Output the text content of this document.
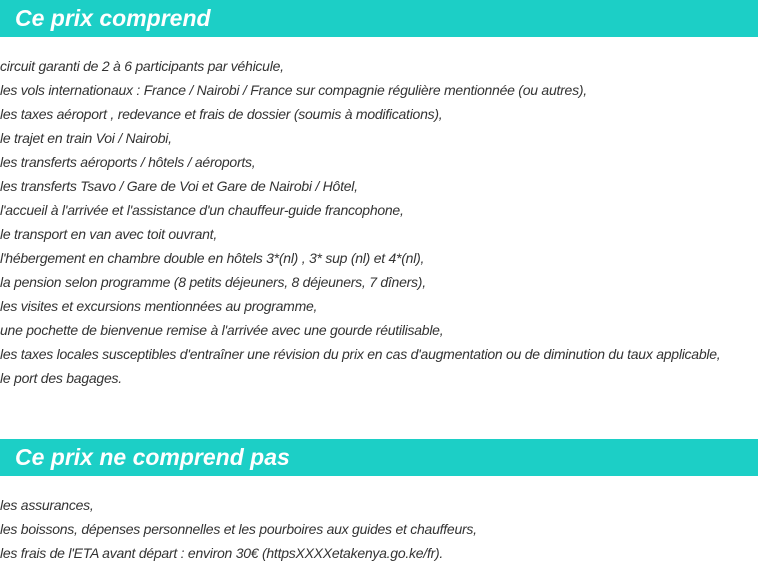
Ce prix comprend
circuit garanti de 2 à 6 participants par véhicule,
les vols internationaux : France / Nairobi / France sur compagnie régulière mentionnée (ou autres),
les taxes aéroport , redevance et frais de dossier (soumis à modifications),
le trajet en train Voi / Nairobi,
les transferts aéroports / hôtels / aéroports,
les transferts Tsavo / Gare de Voi et Gare de Nairobi / Hôtel,
l'accueil à l'arrivée et l'assistance d'un chauffeur-guide francophone,
le transport en van avec toit ouvrant,
l'hébergement en chambre double en hôtels 3*(nl) , 3* sup (nl) et 4*(nl),
la pension selon programme (8 petits déjeuners, 8 déjeuners, 7 dîners),
les visites et excursions mentionnées au programme,
une pochette de bienvenue remise à l'arrivée avec une gourde réutilisable,
les taxes locales susceptibles d'entraîner une révision du prix en cas d'augmentation ou de diminution du taux applicable,
le port des bagages.
Ce prix ne comprend pas
les assurances,
les boissons, dépenses personnelles et les pourboires aux guides et chauffeurs,
les frais de l'ETA avant départ : environ 30€ (httpsXXXXetakenya.go.ke/fr).
